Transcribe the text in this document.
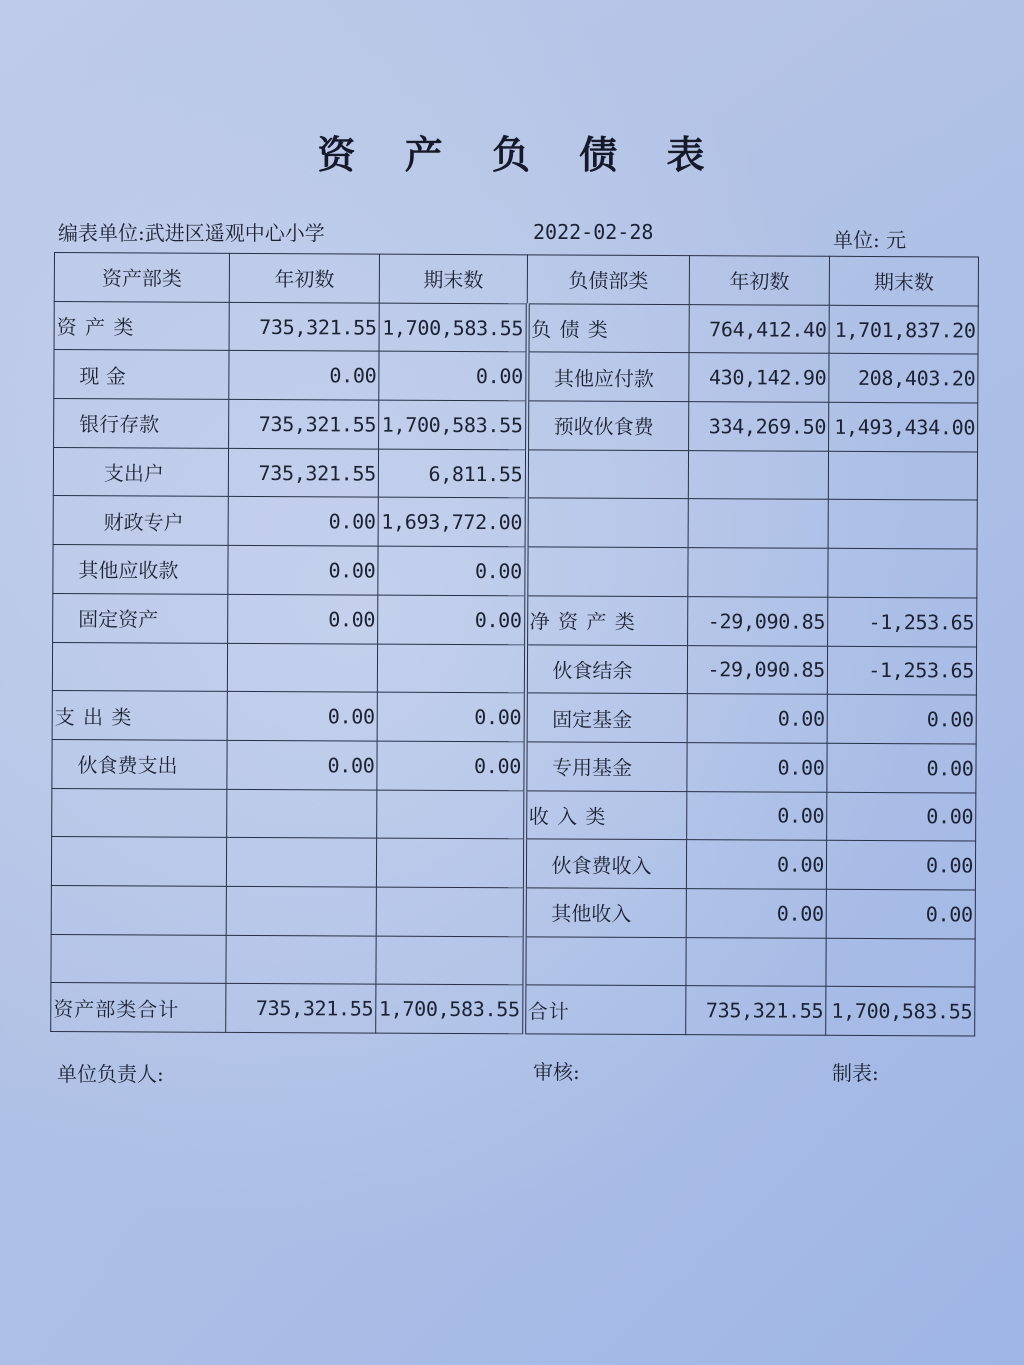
资 产 负 债 表
编表单位:武进区遥观中心小学	2022-02-28	单位: 元
资产部类	年初数	期末数	负债部类	年初数	期末数
资 产 类	735,321.55	1,700,583.55	负 债 类	764,412.40	1,701,837.20
现 金	0.00	0.00	其他应付款	430,142.90	208,403.20
银行存款	735,321.55	1,700,583.55	预收伙食费	334,269.50	1,493,434.00
支出户	735,321.55	6,811.55			
财政专户	0.00	1,693,772.00			
其他应收款	0.00	0.00			
固定资产	0.00	0.00	净 资 产 类	-29,090.85	-1,253.65
			伙食结余	-29,090.85	-1,253.65
支 出 类	0.00	0.00	固定基金	0.00	0.00
伙食费支出	0.00	0.00	专用基金	0.00	0.00
			收 入 类	0.00	0.00
			伙食费收入	0.00	0.00
			其他收入	0.00	0.00

资产部类合计	735,321.55	1,700,583.55	合计	735,321.55	1,700,583.55
单位负责人:	审核:	制表:
